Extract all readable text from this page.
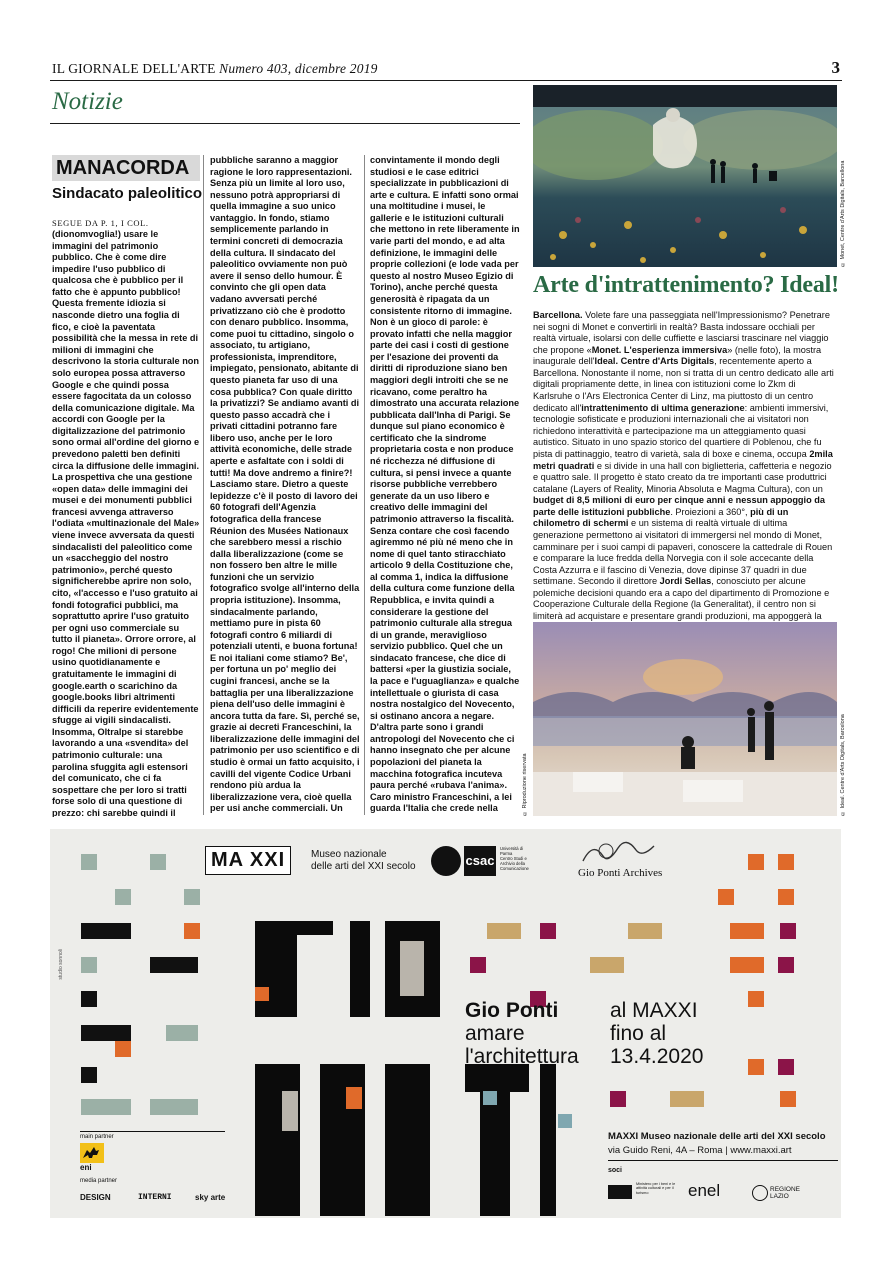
IL GIORNALE DELL'ARTE Numero 403, dicembre 2019	3
Notizie
MANACORDA
Sindacato paleolitico
SEGUE DA P. 1, I COL.

(dionomvoglia!) usare le immagini del patrimonio pubblico. Che è come dire impedire l'uso pubblico di qualcosa che è pubblico per il fatto che è appunto pubblico! Questa fremente idiozia si nasconde dietro una foglia di fico, e cioè la paventata possibilità che la messa in rete di milioni di immagini che descrivono la storia culturale non solo europea possa attraverso Google e che quindi possa essere fagocitata da un colosso della comunicazione digitale. Ma accordi con Google per la digitalizzazione del patrimonio sono ormai all'ordine del giorno e prevedono paletti ben definiti circa la diffusione delle immagini. La prospettiva che una gestione «open data» delle immagini dei musei e dei monumenti pubblici francesi avvenga attraverso l'odiata «multinazionale del Male» viene invece avversata da questi sindacalisti del paleolitico come un «saccheggio del nostro patrimonio», perché questo significherebbe aprire non solo, cito, «l'accesso e l'uso gratuito ai fondi fotografici pubblici, ma soprattutto aprire l'uso gratuito per ogni uso commerciale su tutto il pianeta». Orrore orrore, al rogo! Che milioni di persone usino quotidianamente e gratuitamente le immagini di google.earth o scarichino da google.books libri altrimenti difficili da reperire evidentemente sfugge ai vigili sindacalisti. Insomma, Oltralpe si starebbe lavorando a una «svendita» del patrimonio culturale: una parolina sfuggita agli estensori del comunicato, che ci fa sospettare che per loro si tratti forse solo di una questione di prezzo: chi sarebbe quindi il

pubbliche saranno a maggior ragione le loro rappresentazioni. Senza più un limite al loro uso, nessuno potrà appropriarsi di quella immagine a suo unico vantaggio. In fondo, stiamo semplicemente parlando in termini concreti di democrazia della cultura. Il sindacato del paleolitico ovviamente non può avere il senso dello humour. È convinto che gli open data vadano avversati perché privatizzano ciò che è prodotto con denaro pubblico. Insomma, come puoi tu cittadino, singolo o associato, tu artigiano, professionista, imprenditore, impiegato, pensionato, abitante di questo pianeta far uso di una cosa pubblica? Con quale diritto la privatizzi? Se andiamo avanti di questo passo accadrà che i privati cittadini potranno fare libero uso, anche per le loro attività economiche, delle strade aperte e asfaltate con i soldi di tutti! Ma dove andremo a finire?! Lasciamo stare. Dietro a queste lepidezze c'è il posto di lavoro dei 60 fotografi dell'Agenzia fotografica della francese Réunion des Musées Nationaux che sarebbero messi a rischio dalla liberalizzazione (come se non fossero ben altre le mille funzioni che un servizio fotografico svolge all'interno della propria istituzione). Insomma, sindacalmente parlando, mettiamo pure in pista 60 fotografi contro 6 miliardi di potenziali utenti, e buona fortuna! E noi italiani come stiamo? Be', per fortuna un po' meglio dei cugini francesi, anche se la battaglia per una liberalizzazione piena dell'uso delle immagini è ancora tutta da fare. Sì, perché se, grazie ai decreti Franceschini, la liberalizzazione delle immagini del patrimonio per uso scientifico e di studio è ormai un fatto acquisito, i cavilli del vigente Codice Urbani rendono più ardua la liberalizzazione vera, cioè quella per usi anche commerciali. Un

convintamente il mondo degli studiosi e le case editrici specializzate in pubblicazioni di arte e cultura. E infatti sono ormai una moltitudine i musei, le gallerie e le istituzioni culturali che mettono in rete liberamente in varie parti del mondo, e ad alta definizione, le immagini delle proprie collezioni (e lode vada per questo al nostro Museo Egizio di Torino), anche perché questa generosità è ripagata da un consistente ritorno di immagine. Non è un gioco di parole: è provato infatti che nella maggior parte dei casi i costi di gestione per l'esazione dei proventi da diritti di riproduzione siano ben maggiori degli introiti che se ne ricavano, come peraltro ha dimostrato una accurata relazione pubblicata dall'Inha di Parigi. Se dunque sul piano economico è certificato che la sindrome proprietaria costa e non produce né ricchezza né diffusione di cultura, si pensi invece a quante risorse pubbliche verrebbero generate da un uso libero e creativo delle immagini del patrimonio attraverso la fiscalità. Senza contare che così facendo agiremmo né più né meno che in nome di quel tanto stiracchiato articolo 9 della Costituzione che, al comma 1, indica la diffusione della cultura come funzione della Repubblica, e invita quindi a considerare la gestione del patrimonio culturale alla stregua di un grande, meraviglioso servizio pubblico. Quel che un sindacato francese, che dice di battersi «per la giustizia sociale, la pace e l'uguaglianza» e qualche intellettuale o giurista di casa nostra nostalgico del Novecento, si ostinano ancora a negare. D'altra parte sono i grandi antropologi del Novecento che ci hanno insegnato che per alcune popolazioni del pianeta la macchina fotografica incuteva paura perché «rubava l'anima». Caro ministro Franceschini, a lei guarda l'Italia che crede nella	© Riproduzione riservata
© Monet, Centre d'Arts Digitals, Barcellona
Arte d'intrattenimento? Ideal!
Barcellona. Volete fare una passeggiata nell'Impressionismo? Penetrare nei sogni di Monet e convertirli in realtà? Basta indossare occhiali per realtà virtuale, isolarsi con delle cuffiette e lasciarsi trascinare nel viaggio che propone «Monet. L'esperienza immersiva» (nelle foto), la mostra inaugurale dell'Ideal. Centre d'Arts Digitals, recentemente aperto a Barcellona. Nonostante il nome, non si tratta di un centro dedicato alle arti digitali propriamente dette, in linea con istituzioni come lo Zkm di Karlsruhe o l'Ars Electronica Center di Linz, ma piuttosto di un centro dedicato all'intrattenimento di ultima generazione: ambienti immersivi, tecnologie sofisticate e produzioni internazionali che ai visitatori non richiedono interattività e partecipazione ma un atteggiamento quasi autistico. Situato in uno spazio storico del quartiere di Poblenou, che fu pista di pattinaggio, teatro di varietà, sala di boxe e cinema, occupa 2mila metri quadrati e si divide in una hall con biglietteria, caffetteria e negozio e quattro sale. Il progetto è stato creato da tre importanti case produttrici catalane (Layers of Reality, Minoria Absoluta e Magma Cultura), con un budget di 8,5 milioni di euro per cinque anni e nessun appoggio da parte delle istituzioni pubbliche. Proiezioni a 360°, più di un chilometro di schermi e un sistema di realtà virtuale di ultima generazione permettono ai visitatori di immergersi nel mondo di Monet, camminare per i suoi campi di papaveri, conoscere la cattedrale di Rouen e comparare la luce fredda della Norvegia con il sole accecante della Costa Azzurra e il fascino di Venezia, dove dipinse 37 quadri in due settimane. Secondo il direttore Jordi Sellas, conosciuto per alcune polemiche decisioni quando era a capo del dipartimento di Promozione e Cooperazione Culturale della Regione (la Generalitat), il centro non si limiterà ad acquistare e presentare grandi produzioni, ma appoggerà la
© Ideal. Centre d'Arts Digitals, Barcelona
studio sonnoli
MA XXI	Museo nazionale
delle arti del XXI secolo	csac
Università di Parma
Centro Studi e Archivio della Comunicazione	Gio Ponti Archives
Gio Ponti
amare
l'architettura
al MAXXI
fino al
13.4.2020
MAXXI Museo nazionale delle arti del XXI secolo
via Guido Reni, 4A – Roma | www.maxxi.art
soci
Ministero per i beni e le attività culturali e per il turismo	enel	REGIONE LAZIO
main partner
eni
media partner
DESIGN	INTERNI	sky arte
